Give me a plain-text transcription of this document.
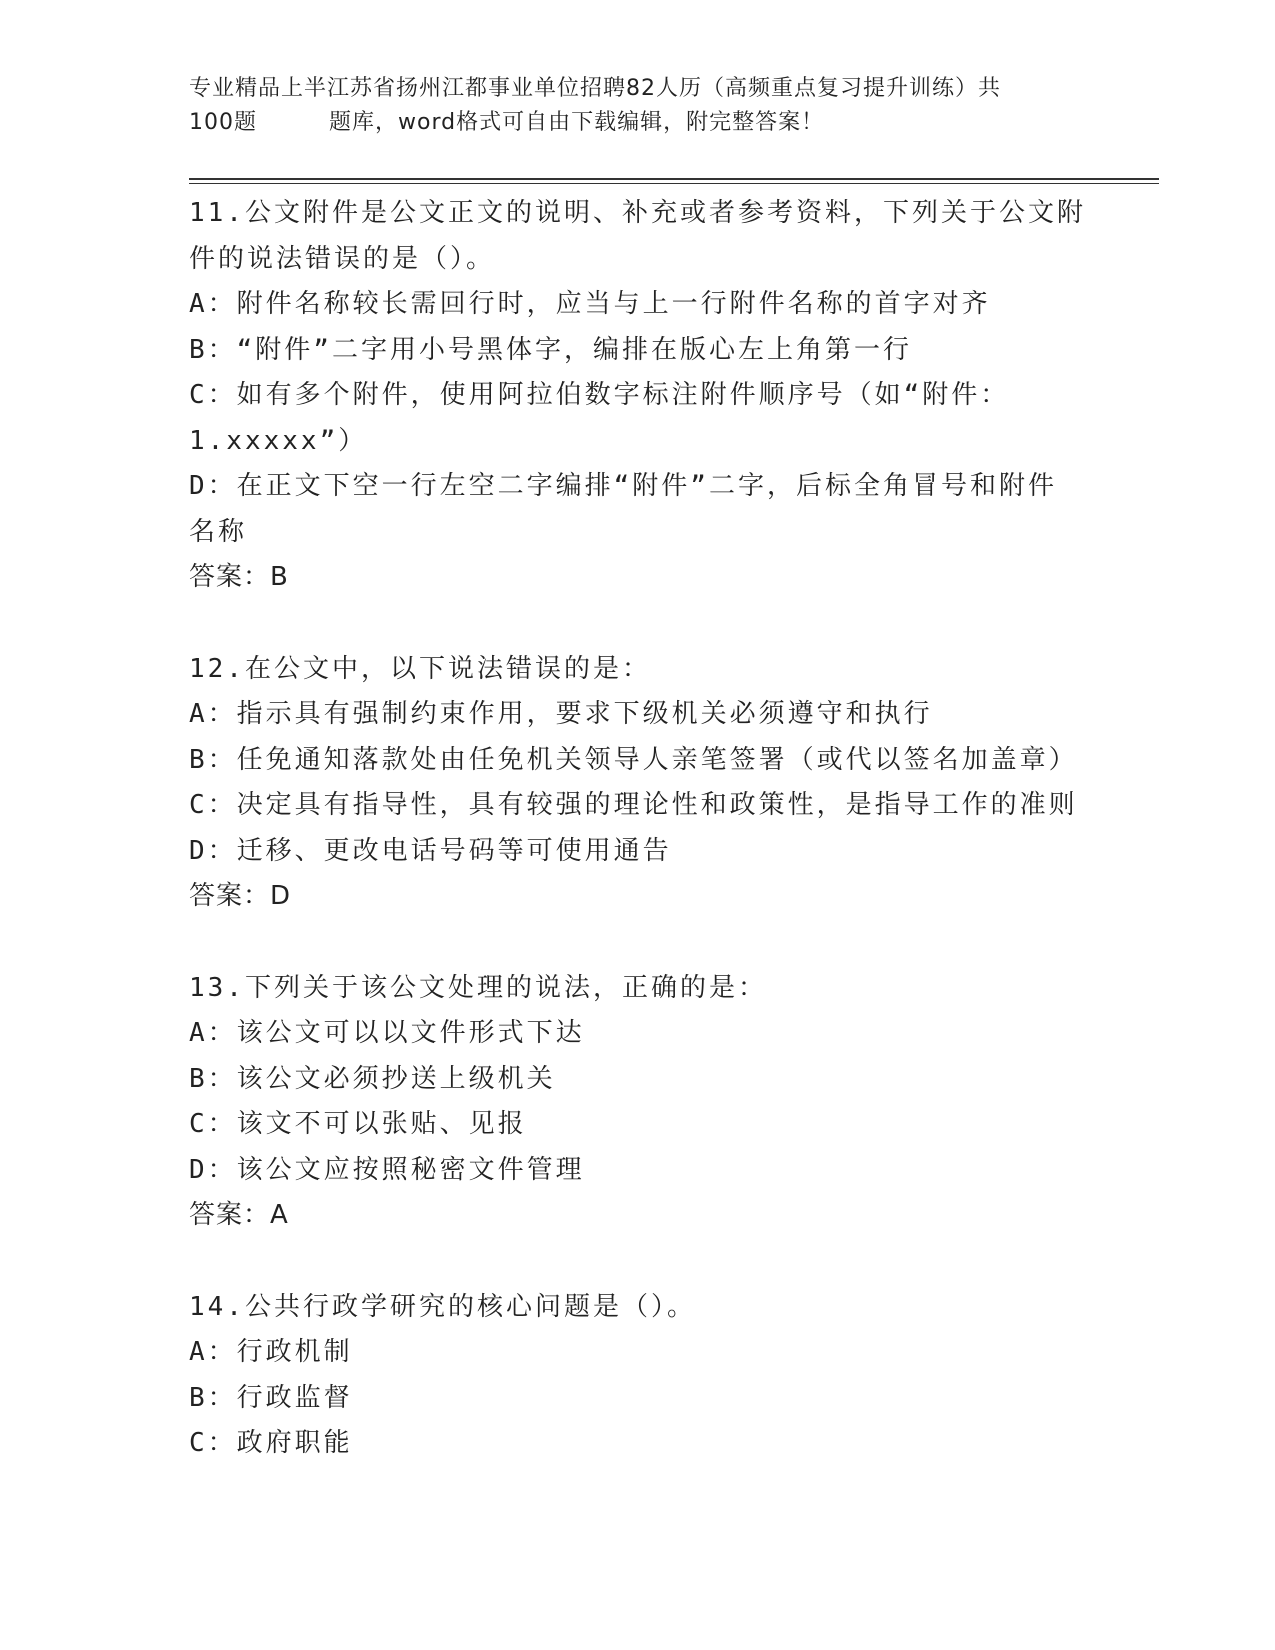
专业精品上半江苏省扬州江都事业单位招聘82人历（高频重点复习提升训练）共
100题	题库，word格式可自由下载编辑，附完整答案！
11.公文附件是公文正文的说明、补充或者参考资料，下列关于公文附
件的说法错误的是（）。
A：附件名称较长需回行时，应当与上一行附件名称的首字对齐
B：“附件”二字用小号黑体字，编排在版心左上角第一行
C：如有多个附件，使用阿拉伯数字标注附件顺序号（如“附件：
1.xxxxx”）
D：在正文下空一行左空二字编排“附件”二字，后标全角冒号和附件
名称
答案：B
12.在公文中，以下说法错误的是：
A：指示具有强制约束作用，要求下级机关必须遵守和执行
B：任免通知落款处由任免机关领导人亲笔签署（或代以签名加盖章）
C：决定具有指导性，具有较强的理论性和政策性，是指导工作的准则
D：迁移、更改电话号码等可使用通告
答案：D
13.下列关于该公文处理的说法，正确的是：
A：该公文可以以文件形式下达
B：该公文必须抄送上级机关
C：该文不可以张贴、见报
D：该公文应按照秘密文件管理
答案：A
14.公共行政学研究的核心问题是（）。
A：行政机制
B：行政监督
C：政府职能
